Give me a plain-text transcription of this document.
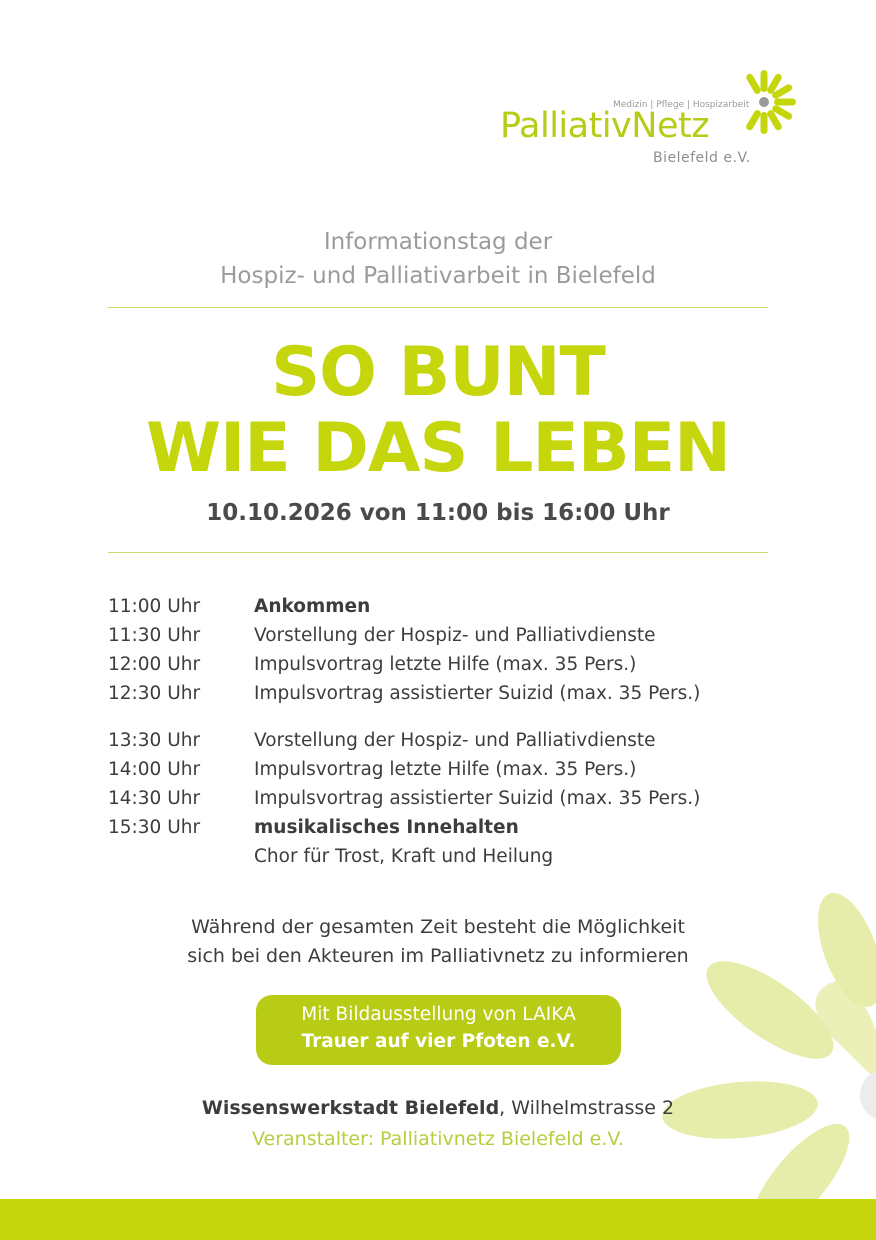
Medizin | Pflege | Hospizarbeit
PalliativNetz
Bielefeld e.V.
Informationstag der
Hospiz- und Palliativarbeit in Bielefeld
SO BUNT
WIE DAS LEBEN
10.10.2026 von 11:00 bis 16:00 Uhr
11:00 Uhr	Ankommen
11:30 Uhr	Vorstellung der Hospiz- und Palliativdienste
12:00 Uhr	Impulsvortrag letzte Hilfe (max. 35 Pers.)
12:30 Uhr	Impulsvortrag assistierter Suizid (max. 35 Pers.)
13:30 Uhr	Vorstellung der Hospiz- und Palliativdienste
14:00 Uhr	Impulsvortrag letzte Hilfe (max. 35 Pers.)
14:30 Uhr	Impulsvortrag assistierter Suizid (max. 35 Pers.)
15:30 Uhr	musikalisches Innehalten
Chor für Trost, Kraft und Heilung
Während der gesamten Zeit besteht die Möglichkeit
sich bei den Akteuren im Palliativnetz zu informieren
Mit Bildausstellung von LAIKA
Trauer auf vier Pfoten e.V.
Wissenswerkstadt Bielefeld, Wilhelmstrasse 2
Veranstalter: Palliativnetz Bielefeld e.V.
